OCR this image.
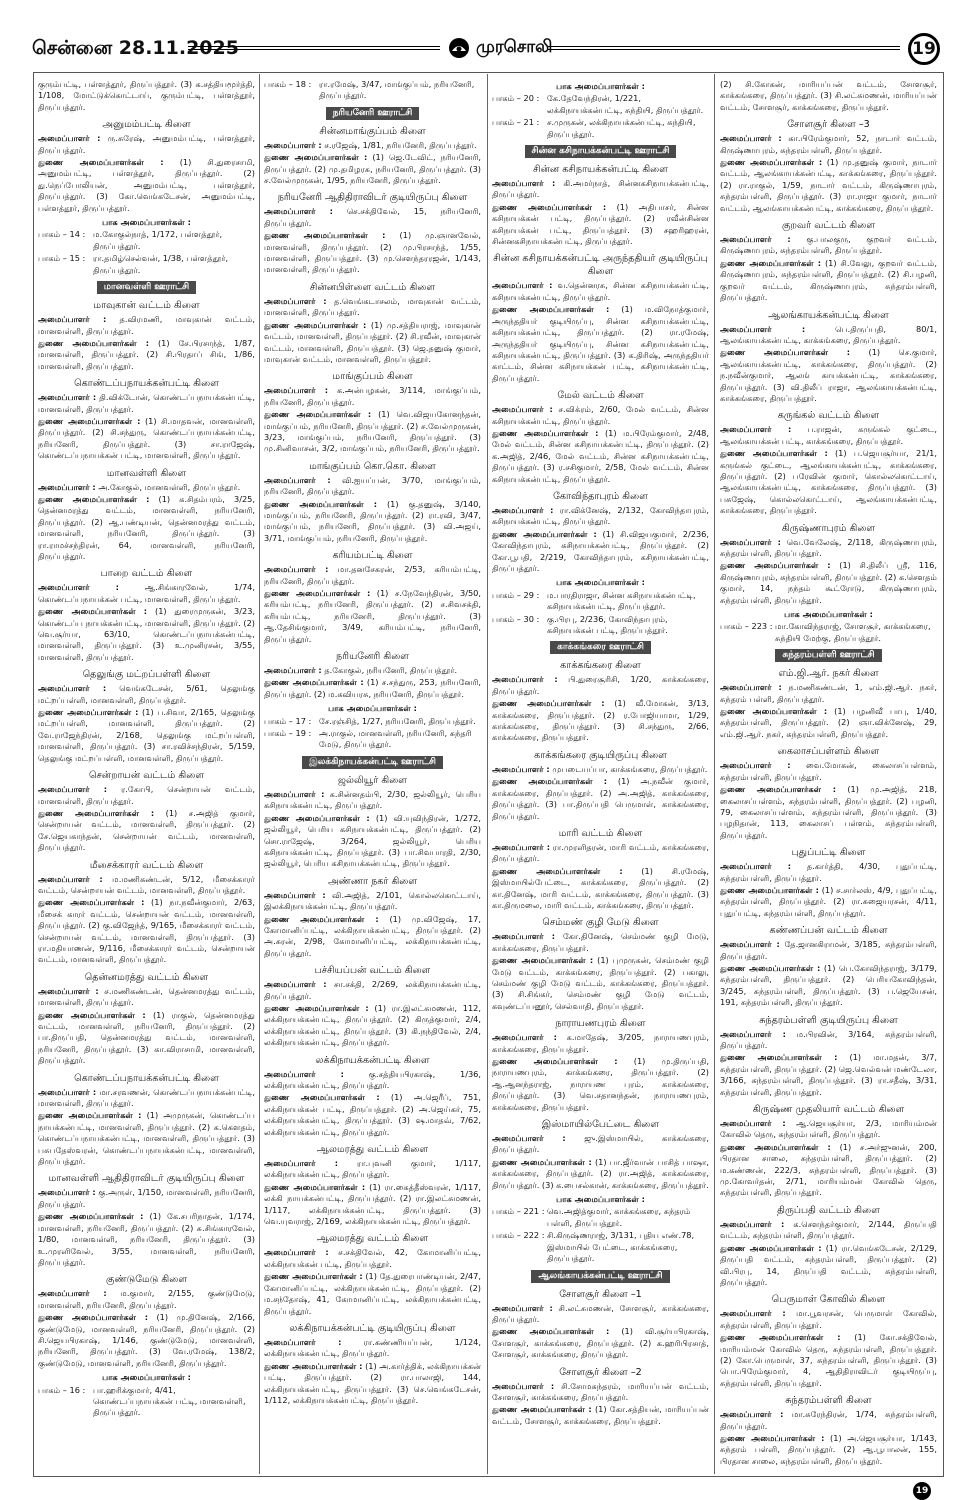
சென்னை 28.11.2025	முரசொலி	19
குரும்பட்டி, பள்ளத்தூர், திருப்பத்தூர். (3) க.சத்தியமூர்த்தி, 1/108, மோட்டுக்கொட்டாய், குரும்பட்டி, பள்ளத்தூர், திருப்பத்தூர்.
அனுமம்பட்டி கிளை
அமைப்பாளர் : ரு.சுரேஷ், அனுமம்பட்டி, பள்ளத்தூர், திருப்பத்தூர்.
துணை அமைப்பாளர்கள் : (1) சி.துரைசாமி, அனுமம்பட்டி, பள்ளத்தூர், திருப்பத்தூர். (2) து.நெப்போலியன், அனுமம்பட்டி, பள்ளத்தூர், திருப்பத்தூர். (3) கோ.வெங்கடேசன், அனுமம்பட்டி, பள்ளத்தூர், திருப்பத்தூர்.
பாக அமைப்பாளர்கள் :
பாகம் – 14 : ம.கோகுல்நாத், 1/172, பள்ளத்தூர், திருப்பத்தூர்.
பாகம் – 15 : ரா.தமிழ்செல்வன், 1/38, பள்ளத்தூர், திருப்பத்தூர்.
மானவள்ளி ஊராட்சி
மாவுகான் வட்டம் கிளை
அமைப்பாளர் : த.விரமணி, மாவுகான் வட்டம், மானவள்ளி, திருப்பத்தூர்.
துணை அமைப்பாளர்கள் : (1) சே.பிரசாந்த், 1/87, மானவள்ளி, திருப்பத்தூர். (2) சி.பிரதாப் சிங், 1/86, மானவள்ளி, திருப்பத்தூர்.
கொண்டப்பநாயக்கன்பட்டி கிளை
அமைப்பாளர் : தி.விக்டோன், கொண்டப்பநாயக்கன்பட்டி, மானவள்ளி, திருப்பத்தூர்.
துணை அமைப்பாளர்கள் : (1) சி.மாதவன், மானவள்ளி, திருப்பத்தூர். (2) சி.சந்துரு, கொண்டப்பநாயக்கன்பட்டி, நரியனேரி, திருப்பத்தூர். (3) சா.ராஜேஷ், கொண்டப்பநாயக்கன் பட்டி, மானவள்ளி, திருப்பத்தூர்.
மானவள்ளி கிளை
அமைப்பாளர் : அ.கோகுல், மானவள்ளி, திருப்பத்தூர்.
துணை அமைப்பாளர்கள் : (1) க.சிதம்பரம், 3/25, தென்னமரத்து வட்டம், மானவள்ளி, நரியனேரி, திருப்பத்தூர். (2) ஆ.பண்டியன், தென்னமரத்து வட்டம், மானவள்ளி, நரியனேரி, திருப்பத்தூர். (3) ரா.ராமச்சந்திரன், 64, மானவள்ளி, நரியனேரி, திருப்பத்தூர்.
பாறை வட்டம் கிளை
அமைப்பாளர் :	ஆ.சிங்காரவேல், 1/74, கொண்டப்பநாயக்கன் பட்டி, மானவள்ளி, திருப்பத்தூர்.
துணை அமைப்பாளர்கள் : (1) துரைமுருகன், 3/23, கொண்டப்ப நாயக்கன்பட்டி, மானவள்ளி, திருப்பத்தூர். (2) வெ.சூர்யா, 63/10, கொண்டப்பநாயக்கன்பட்டி, மானவள்ளி, திருப்பத்தூர். (3) உ.முனிரசன், 3/55, மானவள்ளி, திருப்பத்தூர்.
தெலுங்கு மட்றப்பள்ளி கிளை
அமைப்பாளர் : வெங்கடேசன், 5/61, தெலுங்கு மட்றப்பள்ளி, மானவள்ளி, திருப்பத்தூர்.
துணை அமைப்பாளர்கள் : (1) ப.சிவா, 2/165, தெலுங்கு மட்றப்பள்ளி, மானவள்ளி, திருப்பத்தூர். (2) வே.ராஜேந்திரன், 2/168, தெலுங்கு மட்றப்பள்ளி, மானவள்ளி, திருப்பத்தூர். (3) சா.ரவிச்சந்திரன், 5/159, தெலுங்கு மட்றப்பள்ளி, மானவள்ளி, திருப்பத்தூர்.
சென்றாயன் வட்டம் கிளை
அமைப்பாளர் : ர.கோபி, சென்றாயன் வட்டம், மானவள்ளி, திருப்பத்தூர்.
துணை அமைப்பாளர்கள் : (1) ச.அஜித் குமார், சென்றாயன் வட்டம், மானவள்ளி, திருப்பத்தூர். (2) சே.ஜெயகாந்தன், சென்றாயன் வட்டம், மானவள்ளி, திருப்பத்தூர்.
மீசைக்காரர் வட்டம் கிளை
அமைப்பாளர் : ம.மணிகண்டன், 5/12, மீசைக்காரர் வட்டம், சென்றாயன் வட்டம், மானவள்ளி, திருப்பத்தூர்.
துணை அமைப்பாளர்கள் : (1) நா.நவீன்குமார், 2/63, மீசைக் காரர் வட்டம், சென்றாயன் வட்டம், மானவள்ளி, திருப்பத்தூர். (2) கு.விஜேந்த், 9/165, மீசைக்காரர் வட்டம், சென்றாயன் வட்டம், மானவள்ளி, திருப்பத்தூர். (3) ரா.மதியாணன், 9/116, மீசைக்காரர் வட்டம், சென்றாயன் வட்டம், மானவள்ளி, திருப்பத்தூர்.
தென்னமரத்து வட்டம் கிளை
அமைப்பாளர் : ச.மணிகண்டன், தென்னமரத்து வட்டம், மானவள்ளி, திருப்பத்தூர்.
துணை அமைப்பாளர்கள் : (1) ராகுல், தென்னமரத்து வட்டம், மானவள்ளி, நரியனேரி, திருப்பத்தூர். (2) பா.திருப்பதி, தென்னமரத்து வட்டம், மானவள்ளி, நரியனேரி, திருப்பத்தூர். (3) கா.விராசாமி, மானவள்ளி, திருப்பத்தூர்.
கொண்டப்பநாயக்கன்பட்டி கிளை
அமைப்பாளர் : மா.சரவணன், கொண்டப்பநாயக்கன்பட்டி, மானவள்ளி, திருப்பத்தூர்.
துணை அமைப்பாளர்கள் : (1) அமுருகன், கொண்டப்ப நாயக்கன்பட்டி, மானவள்ளி, திருப்பத்தூர். (2) க.கௌதம், கொண்டப்பநாயக்கன்பட்டி, மானவள்ளி, திருப்பத்தூர். (3) பசுபதேஸ்வரன், கொண்டப்பநாயக்கன்பட்டி, மானவள்ளி, திருப்பத்தூர்.
மானவள்ளி ஆதிதிராவிடர் குடியிருப்பு கிளை
அமைப்பாளர் : கு.அருள், 1/150, மானவள்ளி, நரியனேரி, திருப்பத்தூர்.
துணை அமைப்பாளர்கள் : (1) கே.சபரிநாதன், 1/174, மானவள்ளி, நரியனேரி, திருப்பத்தூர். (2) சு.சிங்காரவேல், 1/80, மானவள்ளி, நரியனேரி, திருப்பத்தூர். (3) உ.முரளிவேல், 3/55, மானவள்ளி, நரியனேரி, திருப்பத்தூர்.
குண்டுமேடு கிளை
அமைப்பாளர் : ம.குமார், 2/155, குண்டுமேடு, மானவள்ளி, நரியனேரி, திருப்பத்தூர்.
துணை அமைப்பாளர்கள் : (1) மு.தினேஷ், 2/166, குண்டுமேடு, மானவள்ளி, நரியனேரி, திருப்பத்தூர். (2) சி.ஜெயபிரகாஷ், 1/146, குண்டுமேடு, மானவள்ளி, நரியனேரி, திருப்பத்தூர். (3) வே.ரமேஷ், 138/2, குண்டுமேடு, மானவள்ளி, நரியனேரி, திருப்பத்தூர்.
பாக அமைப்பாளர்கள் :
பாகம் – 16 : பா.ஹரிக்குமார், 4/41, கொண்டப்பநாயக்கன் பட்டி, மானவள்ளி, திருப்பத்தூர்.
பாகம் – 18 : ரா.ரமேஷ், 3/47, மாங்குப்பம், நரியனேரி, திருப்பத்தூர்.
நரியனேரி ஊராட்சி
சின்னமாங்குப்பம் கிளை
அமைப்பாளர் : ச.ரஜேஷ், 1/81, நரியனேரி, திருப்பத்தூர்.
துணை அமைப்பாளர்கள் : (1) ஜெ.டேவிட், நரியனேரி, திருப்பத்தூர். (2) மு.தமிழரசு, நரியனேரி, திருப்பத்தூர். (3) ச.வேல்முருகன், 1/95, நரியனேரி, திருப்பத்தூர்.
நரியனேரி ஆதிதிராவிடர் குடியிருப்பு கிளை
அமைப்பாளர் : செ.சக்திவேல், 15, நரியனேரி, திருப்பத்தூர்.
துணை அமைப்பாளர்கள் : (1) மு.ஞானவேல், மானவள்ளி, திருப்பத்தூர். (2) மு.பிரசாந்த், 1/55, மானவள்ளி, திருப்பத்தூர். (3) மு.சௌந்தரரஜன், 1/143, மானவள்ளி, திருப்பத்தூர்.
சின்னபிள்ளை வட்டம் கிளை
அமைப்பாளர் : த.வெங்கடாசலம், மாவுகான் வட்டம், மானவள்ளி, திருப்பத்தூர்.
துணை அமைப்பாளர்கள் : (1) மு.சத்தியராஜ், மாவுகான் வட்டம், மானவள்ளி, திருப்பத்தூர். (2) சி.ரவீன், மாவுகான் வட்டம், மானவள்ளி, திருப்பத்தூர். (3) ஜெ.தனுஷ் குமார், மாவுகான் வட்டம், மானவள்ளி, திருப்பத்தூர்.
மாங்குப்பம் கிளை
அமைப்பாளர் : க.அன்பழகன், 3/114, மாங்குப்பம், நரியனேரி, திருப்பத்தூர்.
துணை அமைப்பாளர்கள் : (1) வெ.விஜயகோனந்தன், மாங்குப்பம், நரியனேரி, திருப்பத்தூர். (2) ச.வேல்முருகன், 3/23, மாங்குப்பம், நரியனேரி, திருப்பத்தூர். (3) மு.சினிவாசன், 3/2, மாங்குப்பம், நரியனேரி, திருப்பத்தூர்.
மாங்குப்பம் கொ.கொ. கிளை
அமைப்பாளர் : வி.ஐயப்பன், 3/70, மாங்குப்பம், நரியனேரி, திருப்பத்தூர்.
துணை அமைப்பாளர்கள் : (1) கு.தனுஷ், 3/140, மாங்குப்பம், நரியனேரி, திருப்பத்தூர். (2) ரா.ரவி, 3/47, மாங்குப்பம், நரியனேரி, திருப்பத்தூர். (3) வி.அஜய், 3/71, மாங்குப்பம், நரியனேரி, திருப்பத்தூர்.
கரியம்பட்டி கிளை
அமைப்பாளர் : மா.தனசேகரன், 2/53, கரியம்பட்டி, நரியனேரி, திருப்பத்தூர்.
துணை அமைப்பாளர்கள் : (1) ச.நேவேந்திரன், 3/50, கரியம்பட்டி, நரியனேரி, திருப்பத்தூர். (2) ச.சிவசக்தி, கரியம்பட்டி, நரியனேரி, திருப்பத்தூர். (3) ஆ.தேசிங்குமார், 3/49, கரியம்பட்டி, நரியனேரி, திருப்பத்தூர்.
நரியனேரி கிளை
அமைப்பாளர் : த.கோகுல், நரியனேரி, திருப்பத்தூர்.
துணை அமைப்பாளர்கள் : (1) ச.சந்துரு, 253, நரியனேரி, திருப்பத்தூர். (2) ம.கவியரசு, நரியனேரி, திருப்பத்தூர்.
பாக அமைப்பாளர்கள் :
பாகம் – 17 : சே.ரஞ்சித், 1/27, நரியனேரி, திருப்பத்தூர்.
பாகம் – 19 : அ.ராகுல், மானவள்ளி, நரியனேரி, சுந்தரி மேடு, திருப்பத்தூர்.
இலக்கிநாயக்கன்பட்டி ஊராட்சி
ஜல்லியூர் கிளை
அமைப்பாளர் : க.சின்னதம்பி, 2/30, ஜல்லியூர், பெரிய கசிநாயக்கன்பட்டி, திருப்பத்தூர்.
துணை அமைப்பாளர்கள் : (1) வி.யுவிந்திரன், 1/272, ஜல்லியூர், பெரிய கசிநாயக்கன்பட்டி, திருப்பத்தூர். (2) சொ.ராஜேஷ், 3/264, ஜல்லியூர், பெரிய கசிநாயக்கன்பட்டி, திருப்பத்தூர். (3) பா.சிவபாரதி, 2/30, ஜல்லியூர், பெரிய கசிநாயக்கன்பட்டி, திருப்பத்தூர்.
அண்ணா நகர் கிளை
அமைப்பாளர் : வி.அஜித், 2/101, கொல்லகொட்டாய், இலக்கிநாயக்கன்பட்டி, திருப்பத்தூர்.
துணை அமைப்பாளர்கள் : (1) மு.விஜேஷ், 17, கோமானிப்பட்டி, லக்கிநாயக்கன்பட்டி, திருப்பத்தூர். (2) அ.சுரன், 2/98, கோமானிப்பட்டி, லக்கிநாயக்கன்பட்டி, திருப்பத்தூர்.
பச்சியப்பன் வட்டம் கிளை
அமைப்பாளர் : சா.சக்தி, 2/269, லக்கிநாயக்கன்பட்டி, திருப்பத்தூர்.
துணை அமைப்பாளர்கள் : (1) ரா.இலட்சுமணன், 112, லக்கிநாயக்கன்பட்டி, திருப்பத்தூர். (2) கிருத்குமார், 2/4, லக்கிநாயக்கன்பட்டி, திருப்பத்தூர். (3) கி.நந்திவேல், 2/4, லக்கிநாயக்கன்பட்டி, திருப்பத்தூர்.
லக்கிநாயக்கன்பட்டி கிளை
அமைப்பாளர் :	கு.சத்தியபிரகாஷ், 1/36, லக்கிநாயக்கன்பட்டி, திருப்பத்தூர்.
துணை அமைப்பாளர்கள் : (1) அ.ஜெரீப், 751, லக்கிநாயக்கன் பட்டி, திருப்பத்தூர். (2) அ.ஜெய்கர், 75, லக்கிநாயக்கன்பட்டி, திருப்பத்தூர். (3) ஷ.மாதவ், 7/62, லக்கிநாயக்கன்பட்டி, திருப்பத்தூர்.
ஆலமரத்து வட்டம் கிளை
அமைப்பாளர் : ரா.புவனி குமார், 1/117, லக்கிநாயக்கன்பட்டி, திருப்பத்தூர்.
துணை அமைப்பாளர்கள் : (1) ரா.கைத்தீஸ்வரன், 1/117, லக்கி நாயக்கன்பட்டி, திருப்பத்தூர். (2) ரா.இலட்சுமணன், 1/117, லக்கிநாயக்கன்பட்டி, திருப்பத்தூர். (3) வெ.யுவராஜ், 2/169, லக்கிநாயக்கன்பட்டி, திருப்பத்தூர்.
ஆலமரத்து வட்டம் கிளை
அமைப்பாளர் : ச.சக்திவேல், 42, கோமானிப்பட்டி, லக்கிநாயக்கன் பட்டி, திருப்பத்தூர்.
துணை அமைப்பாளர்கள் : (1) தே.துரைபாண்டியன், 2/47, கோமானிப்பட்டி, லக்கிநாயக்கன்பட்டி, திருப்பத்தூர். (2) ம.சந்தோஷ், 41, கோமானிப்பட்டி, லக்கிநாயக்கன்பட்டி, திருப்பத்தூர்.
லக்கிநாயக்கன்பட்டி குடியிருப்பு கிளை
அமைப்பாளர் :	ரா.கண்ணியப்பன், 1/124, லக்கிநாயக்கன்பட்டி, திருப்பத்தூர்.
துணை அமைப்பாளர்கள் : (1) அ.கார்த்திக், லக்கிநாயக்கன் பட்டி, திருப்பத்தூர். (2) ரா.பாலாஜி, 144, லக்கிநாயக்கன்பட்டி, திருப்பத்தூர். (3) செ.வெங்கடேசன், 1/112, லக்கிநாயக்கன்பட்டி, திருப்பத்தூர்.
பாக அமைப்பாளர்கள் :
பாகம் – 20 : கே.தேவேந்திரன், 1/221, லக்கிநாயக்கன்பட்டி, சுந்தியி, திருப்பத்தூர்.
பாகம் – 21 : ச.முருகன், லக்கிநாயக்கன்பட்டி, சுந்தியி, திருப்பத்தூர்.
சின்ன கசிநாயக்கன்பட்டி ஊராட்சி
சின்ன கசிநாயக்கன்பட்டி கிளை
அமைப்பாளர் : கி.அமர்நாத், சின்னகசிநாயக்கன்பட்டி, திருப்பத்தூர்.
துணை அமைப்பாளர்கள் : (1) அதிபாசர், சின்ன கசிநாயக்கன் பட்டி, திருப்பத்தூர். (2) ரவீன்சின்ன கசிநாயக்கன் பட்டி, திருப்பத்தூர். (3) சஹரிஹரன், சின்னகசிநாயக்கன்பட்டி, திருப்பத்தூர்.
சின்ன கசிநாயக்கன்பட்டி அருந்ததியர் குடியிருப்பு கிளை
அமைப்பாளர் : வ.தென்னரசு, சின்ன கசிநாயக்கன்பட்டி, கசிநாயக்கன்பட்டி, திருப்பத்தூர்.
துணை அமைப்பாளர்கள் : (1) ம.விநோத்குமார், அருந்ததியர் குடியிருப்பு, சின்ன கசிநாயக்கன்பட்டி, கசிநாயக்கன்பட்டி, திருப்பத்தூர். (2) ரா.ரமேஷ், அருந்ததியர் குடியிருப்பு, சின்ன கசிநாயக்கன்பட்டி, கசிநாயக்கன்பட்டி, திருப்பத்தூர். (3) க.திரிஷ், அருந்ததியர் காட்டம், சின்ன கசிநாயக்கன் பட்டி, கசிநாயக்கன்பட்டி, திருப்பத்தூர்.
மேல் வட்டம் கிளை
அமைப்பாளர் : ச.விக்ரம், 2/60, மேல் வட்டம், சின்ன கசிநாயக்கன்பட்டி, திருப்பத்தூர்.
துணை அமைப்பாளர்கள் : (1) ம.பிரேம்குமார், 2/48, மேல் வட்டம், சின்ன கசிநாயக்கன்பட்டி, திருப்பத்தூர். (2) க.அஜித், 2/46, மேல் வட்டம், சின்ன கசிநாயக்கன்பட்டி, திருப்பத்தூர். (3) ர.சசிகுமார், 2/58, மேல் வட்டம், சின்ன கசிநாயக்கன்பட்டி, திருப்பத்தூர்.
கோவிந்தாபுரம் கிளை
அமைப்பாளர் : ரா.விக்னேஷ், 2/132, கோவிந்தாபுரம், கசிநாயக்கன்பட்டி, திருப்பத்தூர்.
துணை அமைப்பாளர்கள் : (1) சி.விஜயகுமார், 2/236, கோவிந்தாபுரம், கசிநாயக்கன்பட்டி, திருப்பத்தூர். (2) கோ.பூபதி, 2/219, கோவிந்தாபுரம், கசிநாயக்கன்பட்டி, திருப்பத்தூர்.
பாக அமைப்பாளர்கள் :
பாகம் – 29 : ம.பாரதிராஜா, சின்ன கசிநாயக்கன்பட்டி, கசிநாயக்கன்பட்டி, திருப்பத்தூர்.
பாகம் – 30 : கு.பிரபு, 2/236, கோவிந்தாபுரம், கசிநாயக்கன் பட்டி, திருப்பத்தூர்.
காக்கங்கரை ஊராட்சி
காக்கங்கரை கிளை
அமைப்பாளர் : பி.துரைசூரிசி, 1/20, காக்கங்கரை, திருப்பத்தூர்.
துணை அமைப்பாளர்கள் : (1) வீ.மோகன், 3/13, காக்கங்கரை, திருப்பத்தூர். (2) ர.போஜியாமா, 1/29, காக்கங்கரை, திருப்பத்தூர். (3) சி.சந்துரு, 2/66, காக்கங்கரை, திருப்பத்தூர்.
காக்கங்கரை குடியிருப்பு கிளை
அமைப்பாளர் : முபடையப்பா, காக்கங்கரை, திருப்பத்தூர்.
துணை அமைப்பாளர்கள் : (1) அ.நவீன் குமார், காக்கங்கரை, திருப்பத்தூர். (2) அ.அஜித், காக்கங்கரை, திருப்பத்தூர். (3) பா.திருப்பதி பெருமாள், காக்கங்கரை, திருப்பத்தூர்.
மாரி வட்டம் கிளை
அமைப்பாளர் : ரா.முரளிதரன், மாரி வட்டம், காக்கங்கரை, திருப்பத்தூர்.
துணை அமைப்பாளர்கள் : (1) சி.ரமேஷ், இஸ்மாயில்பேட்டை, காக்கங்கரை, திருப்பத்தூர். (2) கா.தினேஷ், மாரி வட்டம், காக்கங்கரை, திருப்பத்தூர். (3) கா.திருமலை, மாரி வட்டம், காக்கங்கரை, திருப்பத்தூர்.
செம்மண் குழி மேடு கிளை
அமைப்பாளர் : கோ.தினேஷ், செம்மண் குழி மேடு, காக்கங்கரை, திருப்பத்தூர்.
துணை அமைப்பாளர்கள் : (1) புமுருகன், செம்மண் குழி மேடு வட்டம், காக்கங்கரை, திருப்பத்தூர். (2) பகாலு, செம்மண் குழி மேடு வட்டம், காக்கங்கரை, திருப்பத்தூர். (3) சி.சிங்கர், செம்மண் குழி மேடு வட்டம், கவுண்டப்பனூர், செல்வாதி, திருப்பத்தூர்.
நாராயணபுரம் கிளை
அமைப்பாளர் : க.மாதேஷ், 3/205, நாராயணபுரம், காக்கங்கரை, திருப்பத்தூர்.
துணை அமைப்பாளர்கள் : (1) மு.திருப்பதி, நாராயணபுரம், காக்கங்கரை, திருப்பத்தூர். (2) ஆ.ஆனந்தராஜ், நாராயண புரம், காக்கங்கரை, திருப்பத்தூர். (3) வெ.சதானந்தன், நாராயணபுரம், காக்கங்கரை, திருப்பத்தூர்.
இஸ்மாயில்பேட்டை கிளை
அமைப்பாளர் : ஜு.இஸ்மாயில், காக்கங்கரை, திருப்பத்தூர்.
துணை அமைப்பாளர்கள் : (1) பா.ஜீர்வான் பாசித் பாஷா, காக்கங்கரை, திருப்பத்தூர். (2) ரா.அஜித், காக்கங்கரை, திருப்பத்தூர். (3) க.பைசல்கான், காக்கங்கரை, திருப்பத்தூர்.
பாக அமைப்பாளர்கள் :
பாகம் – 221 : வெ.அஜித்குமார், காக்கங்கரை, சுந்தரம் பள்ளி, திருப்பத்தூர்.
பாகம் – 222 : சி.கிருஷ்ணராஜ், 3/131, புதிய எண்.78, இஸ்மாயில் பேட்டை, காக்கங்கரை, திருப்பத்தூர்.
ஆலங்காயக்கன்பட்டி ஊராட்சி
சோளசூர் கிளை –1
அமைப்பாளர் : சி.லட்சுமணன், சோளசூர், காக்கங்கரை, திருப்பத்தூர்.
துணை அமைப்பாளர்கள் : (1) வி.சூர்யபிரகாஷ், சோளசூர், காக்கங்கரை, திருப்பத்தூர். (2) க.ஹரிபிரசாத், சோளசூர், காக்கங்கரை, திருப்பத்தூர்.
சோளசூர் கிளை –2
அமைப்பாளர் : சி.சோமசுந்தரம், மாரியப்பன் வட்டம், சோளசூர், காக்கங்கரை, திருப்பத்தூர்.
துணை அமைப்பாளர்கள் : (1) கோ.சத்தியன், மாரியப்பன் வட்டம், சோளசூர், காக்கங்கரை, திருப்பத்தூர்.
(2) சி.கோகன், மாரியப்பன் வட்டம், சோளசூர், காக்கங்கரை, திருப்பத்தூர். (3) சி.லட்சுமணன், மாரியப்பன் வட்டம், சோளசூர், காக்கங்கரை, திருப்பத்தூர்.
சோளசூர் கிளை –3
அமைப்பாளர் : கா.பிரேம்குமார், 52, நாடார் வட்டம், கிருஷ்ணாபுரம், சுந்தரம்பள்ளி, திருப்பத்தூர்.
துணை அமைப்பாளர்கள் : (1) மு.தனுஷ் குமார், நாடார் வட்டம், ஆலங்காயக்கன்பட்டி, காக்கங்கரை, திருப்பத்தூர். (2) ரா.ராகுல், 1/59, நாடார் வட்டம், கிருஷ்ணாபுரம், சுந்தரம்பள்ளி, திருப்பத்தூர். (3) ரா.ராஜா குமார், நாடார் வட்டம், ஆலங்காயக்கன்பட்டி, காக்கங்கரை, திருப்பத்தூர்.
குறவர் வட்டம் கிளை
அமைப்பாளர் : கு.பாலகுரு, குறவர் வட்டம், கிருஷ்ணாபுரம், சுந்தரம்பள்ளி, திருப்பத்தூர்.
துணை அமைப்பாளர்கள் : (1) சி.வேலு, குறவர் வட்டம், கிருஷ்ணாபுரம், சுந்தரம்பள்ளி, திருப்பத்தூர். (2) சி.பழனி, குறவர் வட்டம், கிருஷ்ணாபுரம், சுந்தரம்பள்ளி, திருப்பத்தூர்.
ஆலங்காயக்கன்பட்டி கிளை
அமைப்பாளர் :	பெ.திருப்பதி, 80/1, ஆலங்காயக்கன்பட்டி, காக்கங்கரை, திருப்பத்தூர்.
துணை அமைப்பாளர்கள் : (1) செ.குமார், ஆலங்காயக்கன்பட்டி, காக்கங்கரை, திருப்பத்தூர். (2) ந.நவீன்குமார், ஆலங் காயக்கன்பட்டி, காக்கங்கரை, திருப்பத்தூர். (3) வி.திலீப் ராஜா, ஆலங்காயக்கன்பட்டி, காக்கங்கரை, திருப்பத்தூர்.
கருங்கல் வட்டம் கிளை
அமைப்பாளர் : ப.ராஜன், கருங்கல் குட்டை, ஆலங்காயக்கன் பட்டி, காக்கங்கரை, திருப்பத்தூர்.
துணை அமைப்பாளர்கள் : (1) ப.ஜெயசூர்யா, 21/1, கருங்கல் குட்டை, ஆலங்காயக்கன்பட்டி, காக்கங்கரை, திருப்பத்தூர். (2) பரேவின் குமார், கொல்லகொட்டாய், ஆலங்காயக்கன்பட்டி, காக்கங்கரை, திருப்பத்தூர். (3) பசுஜேஷ், கொல்லகொட்டாய், ஆலங்காயக்கன்பட்டி, காக்கங்கரை, திருப்பத்தூர்.
கிருஷ்ணாபுரம் கிளை
அமைப்பாளர் : வெ.வேலேஷ், 2/118, கிருஷ்ணாபுரம், சுந்தரம்பள்ளி, திருப்பத்தூர்.
துணை அமைப்பாளர்கள் : (1) சி.திலீப் ஸ்ரீ, 116, கிருஷ்ணாபுரம், சுந்தரம்பள்ளி, திருப்பத்தூர். (2) க.சௌதம் குமார், 14, நந்தம் கூட்ரோடு, கிருஷ்ணாபுரம், சுந்தரம்பள்ளி, திருப்பத்தூர்.
பாக அமைப்பாளர்கள் :
பாகம் – 223 : மா.கோவிந்தராஜ், சோளசூர், காக்கங்கரை, சுந்தியி மேற்கு, திருப்பத்தூர்.
சுந்தரம்பள்ளி ஊராட்சி
எம்.ஜி.ஆர். நகர் கிளை
அமைப்பாளர் : ந.மணிகண்டன், 1, எம்.ஜி.ஆர். நகர், சுந்தரம் பள்ளி, திருப்பத்தூர்.
துணை அமைப்பாளர்கள் : (1) பழனிவீ பாபு, 1/40, சுந்தரம்பள்ளி, திருப்பத்தூர். (2) ஞா.விக்னேஷ், 29, எம்.ஜி.ஆர். நகர், சுந்தரம்பள்ளி, திருப்பத்தூர்.
கைலாசப்பள்ளம் கிளை
அமைப்பாளர் : வை.மோகன், கைலாசப்பள்ளம், சுந்தரம்பள்ளி, திருப்பத்தூர்.
துணை அமைப்பாளர்கள் : (1) மு.அஜித், 218, கைலாசப்பள்ளம், சுந்தரம்பள்ளி, திருப்பத்தூர். (2) பழனி, 79, கைலாசப்பள்ளம், சுந்தரம்பள்ளி, திருப்பத்தூர். (3) பழநிதான், 113, கைலாசப் பள்ளம், சுந்தரம்பள்ளி, திருப்பத்தூர்.
புதுப்பட்டி கிளை
அமைப்பாளர் : த.கார்த்தி, 4/30, புதுப்பட்டி, சுந்தரம்பள்ளி, திருப்பத்தூர்.
துணை அமைப்பாளர்கள் : (1) ச.சார்லஸ், 4/9, புதுப்பட்டி, சுந்தரம்பள்ளி, திருப்பத்தூர். (2) ரா.சுஜையரசன், 4/11, புதுப்பட்டி, சுந்தரம்பள்ளி, திருப்பத்தூர்.
கண்ணப்பன் வட்டம் கிளை
அமைப்பாளர் : தே.ஜானகிராமன், 3/185, சுந்தரம்பள்ளி, திருப்பத்தூர்.
துணை அமைப்பாளர்கள் : (1) பெ.கோவிந்தராஜ், 3/179, சுந்தரம்பள்ளி, திருப்பத்தூர். (2) பெரியகோவிந்தன், 3/245, சுந்தரம்பள்ளி, திருப்பத்தூர். (3) ப.ஜெயேசன், 191, சுந்தரம்பள்ளி, திருப்பத்தூர்.
சுந்தரம்பள்ளி குடியிருப்பு கிளை
அமைப்பாளர் : ம.பிரவின், 3/164, சுந்தரம்பள்ளி, திருப்பத்தூர்.
துணை அமைப்பாளர்கள் : (1) மா.மதன், 3/7, சுந்தரம்பள்ளி, திருப்பத்தூர். (2) ஜெ.வெல்வன் மண்டேலா, 3/166, சுந்தரம்பள்ளி, திருப்பத்தூர். (3) ரா.சதீஷ், 3/31, சுந்தரம்பள்ளி, திருப்பத்தூர்.
கிருஷ்ண முதலியார் வட்டம் கிளை
அமைப்பாளர் : ஆ.ஜெயசூர்யா, 2/3, மாரியம்மன் கோவில் தெரு, சுந்தரம்பள்ளி, திருப்பத்தூர்.
துணை அமைப்பாளர்கள் : (1) ச.அர்ஜுனன், 200, பிரதான சாலை, சுந்தரம்பள்ளி, திருப்பத்தூர். (2) ம.கண்ணன், 222/3, சுந்தரம்பள்ளி, திருப்பத்தூர். (3) மு.கோவர்தன், 2/71, மாரியம்மன் கோவில் தெரு, சுந்தரம்பள்ளி, திருப்பத்தூர்.
திருப்பதி வட்டம் கிளை
அமைப்பாளர் : க.செளந்தர்குமார், 2/144, திருப்பதி வட்டம், சுந்தரம்பள்ளி, திருப்பத்தூர்.
துணை அமைப்பாளர்கள் : (1) ரா.வெங்கடேசன், 2/129, திருப்பதி வட்டம், சுந்தரம்பள்ளி, திருப்பத்தூர். (2) வி.பிரபு, 14, திருப்பதி வட்டம், சுந்தரம்பள்ளி, திருப்பத்தூர்.
பெருமாள் கோவில் கிளை
அமைப்பாளர் : மா.பூவரசன், பெருமாள் கோவில், சுந்தரம்பள்ளி, திருப்பத்தூர்.
துணை அமைப்பாளர்கள் : (1) கோ.சக்திவேல், மாரியம்மன் கோவில் தெரு, சுந்தரம்பள்ளி, திருப்பத்தூர். (2) கோ.பெருமாள், 37, சுந்தரம்பள்ளி, திருப்பத்தூர். (3) பொ.பிரேம்குமார், 4, ஆதிதிராவிடர் குடியிருப்பு, சுந்தரம்பள்ளி, திருப்பத்தூர்.
சுந்தரம்பள்ளி கிளை
அமைப்பாளர் : மா.சுரேந்திரன், 1/74, சுந்தரம்பள்ளி, திருப்பத்தூர்.
துணை அமைப்பாளர்கள் : (1) அ.ஜெயசூர்யா, 1/143, சுந்தரம் பள்ளி, திருப்பத்தூர். (2) ஆ.பூபாலன், 155, பிரதான சாலை, சுந்தரம்பள்ளி, திருப்பத்தூர்.
19
